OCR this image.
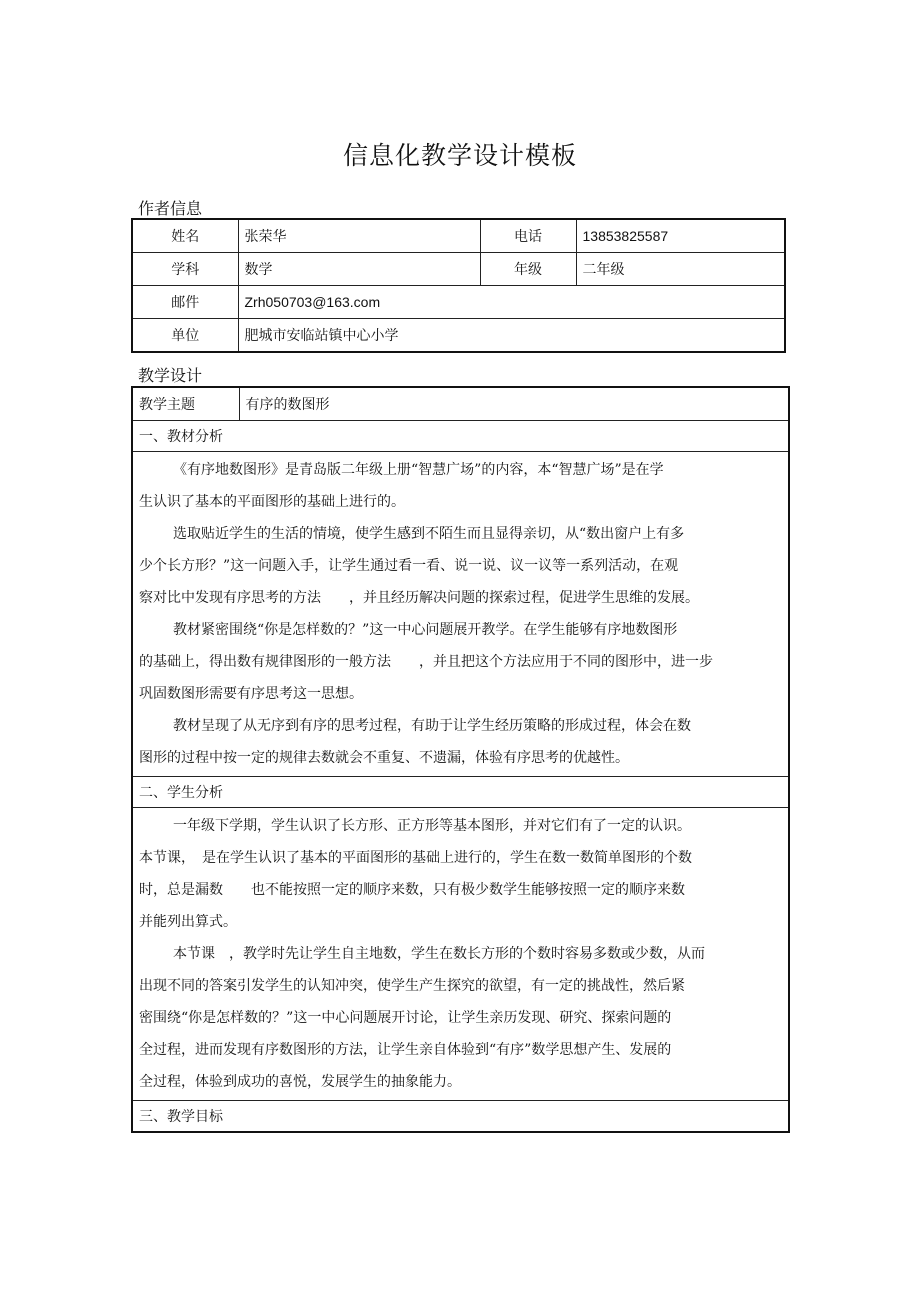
信息化教学设计模板
作者信息
姓名	张荣华	电话	13853825587
学科	数学	年级	二年级
邮件	Zrh050703@163.com		
单位	肥城市安临站镇中心小学		
教学设计
教学主题	有序的数图形
一、教材分析

《有序地数图形》是青岛版二年级上册“智慧广场”的内容，本“智慧广场”是在学

生认识了基本的平面图形的基础上进行的。

选取贴近学生的生活的情境，使学生感到不陌生而且显得亲切，从“数出窗户上有多

少个长方形？”这一问题入手，让学生通过看一看、说一说、议一议等一系列活动，在观

察对比中发现有序思考的方法　　，并且经历解决问题的探索过程，促进学生思维的发展。

教材紧密围绕“你是怎样数的？”这一中心问题展开教学。在学生能够有序地数图形

的基础上，得出数有规律图形的一般方法　　，并且把这个方法应用于不同的图形中，进一步

巩固数图形需要有序思考这一思想。

教材呈现了从无序到有序的思考过程，有助于让学生经历策略的形成过程，体会在数

图形的过程中按一定的规律去数就会不重复、不遗漏，体验有序思考的优越性。

二、学生分析

一年级下学期，学生认识了长方形、正方形等基本图形，并对它们有了一定的认识。

本节课，　是在学生认识了基本的平面图形的基础上进行的，学生在数一数简单图形的个数

时，总是漏数　　也不能按照一定的顺序来数，只有极少数学生能够按照一定的顺序来数

并能列出算式。

本节课　，教学时先让学生自主地数，学生在数长方形的个数时容易多数或少数，从而

出现不同的答案引发学生的认知冲突，使学生产生探究的欲望，有一定的挑战性，然后紧

密围绕“你是怎样数的？”这一中心问题展开讨论，让学生亲历发现、研究、探索问题的

全过程，进而发现有序数图形的方法，让学生亲自体验到“有序”数学思想产生、发展的

全过程，体验到成功的喜悦，发展学生的抽象能力。

三、教学目标
